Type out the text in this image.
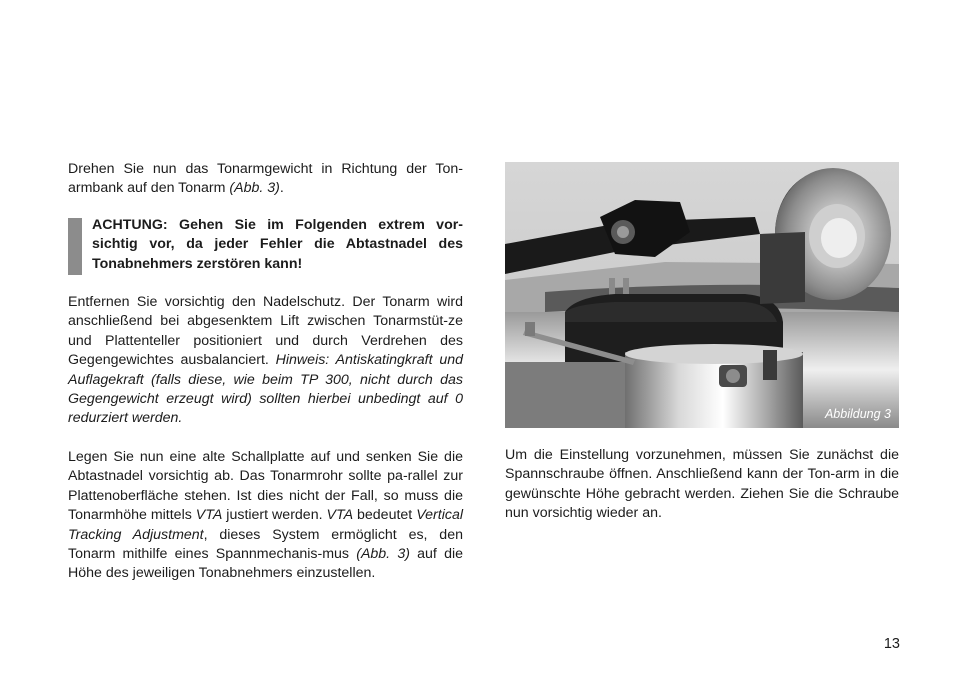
Drehen Sie nun das Tonarmgewicht in Richtung der Ton-armbank auf den Tonarm (Abb. 3).

ACHTUNG: Gehen Sie im Folgenden extrem vor-sichtig vor, da jeder Fehler die Abtastnadel des Tonabnehmers zerstören kann!

Entfernen Sie vorsichtig den Nadelschutz. Der Tonarm wird anschließend bei abgesenktem Lift zwischen Tonarmstüt-ze und Plattenteller positioniert und durch Verdrehen des Gegengewichtes ausbalanciert. Hinweis: Antiskatingkraft und Auflagekraft (falls diese, wie beim TP 300, nicht durch das Gegengewicht erzeugt wird) sollten hierbei unbedingt auf 0 redurziert werden.

Legen Sie nun eine alte Schallplatte auf und senken Sie die Abtastnadel vorsichtig ab. Das Tonarmrohr sollte pa-rallel zur Plattenoberfläche stehen. Ist dies nicht der Fall, so muss die Tonarmhöhe mittels VTA justiert werden. VTA bedeutet Vertical Tracking Adjustment, dieses System ermöglicht es, den Tonarm mithilfe eines Spannmechanis-mus (Abb. 3) auf die Höhe des jeweiligen Tonabnehmers einzustellen.

Abbildung 3

Um die Einstellung vorzunehmen, müssen Sie zunächst die Spannschraube öffnen. Anschließend kann der Ton-arm in die gewünschte Höhe gebracht werden. Ziehen Sie die Schraube nun vorsichtig wieder an.

13
